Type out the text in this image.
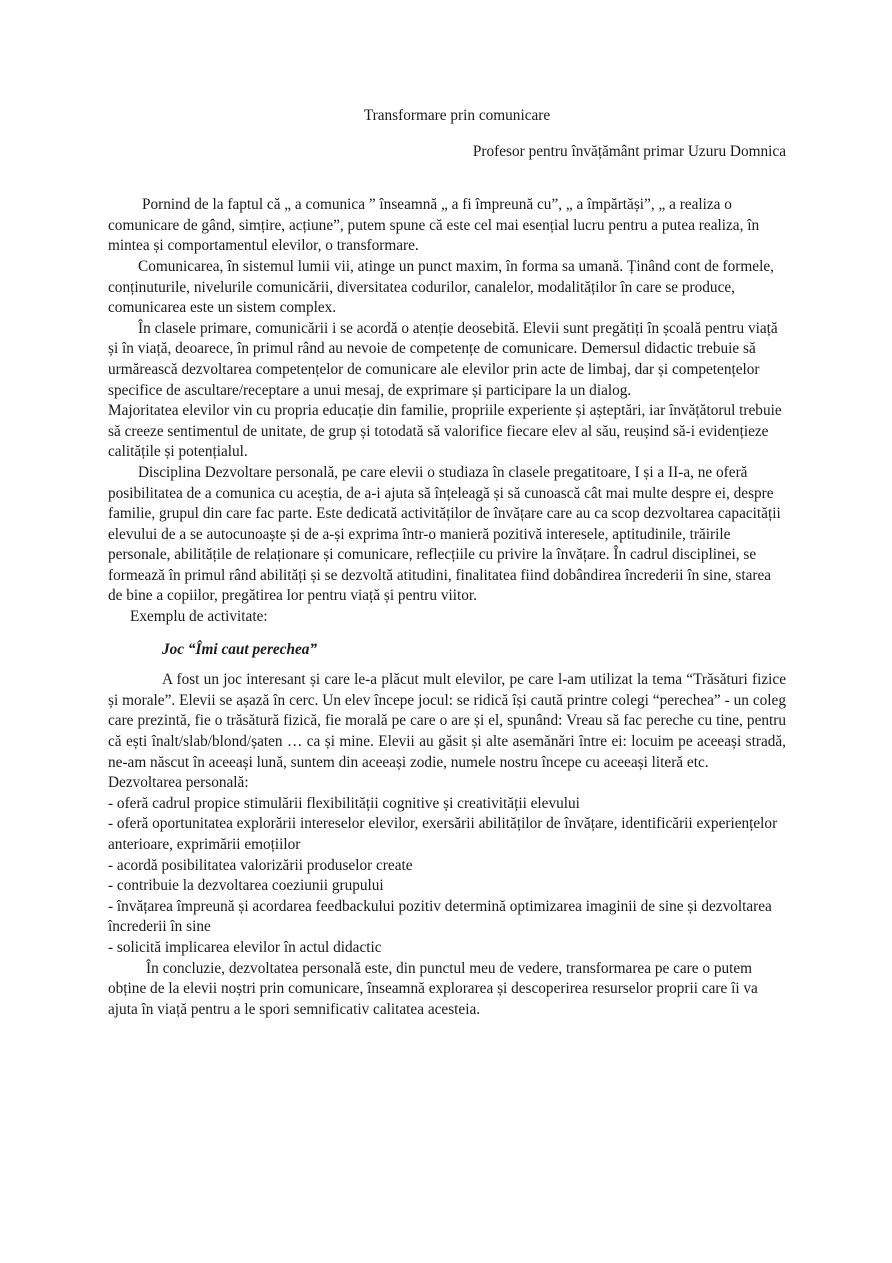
Transformare prin comunicare

Profesor pentru învățământ primar Uzuru Domnica

Pornind de la faptul că „ a comunica ” înseamnă „ a fi împreună cu”, „ a împărtăși”, „ a realiza o comunicare de gând, simțire, acțiune”, putem spune că este cel mai esențial lucru pentru a putea realiza, în mintea și comportamentul elevilor, o transformare.

Comunicarea, în sistemul lumii vii, atinge un punct maxim, în forma sa umană. Ținând cont de formele, conținuturile, nivelurile comunicării, diversitatea codurilor, canalelor, modalităților în care se produce, comunicarea este un sistem complex.

În clasele primare, comunicării i se acordă o atenție deosebită. Elevii sunt pregătiți în școală pentru viață și în viață, deoarece, în primul rând au nevoie de competențe de comunicare. Demersul didactic trebuie să urmărească dezvoltarea competențelor de comunicare ale elevilor prin acte de limbaj, dar și competențelor specifice de ascultare/receptare a unui mesaj, de exprimare și participare la un dialog.

Majoritatea elevilor vin cu propria educație din familie, propriile experiente și așteptări, iar învățătorul trebuie să creeze sentimentul de unitate, de grup și totodată să valorifice fiecare elev al său, reușind să-i evidențieze calitățile și potențialul.

Disciplina Dezvoltare personală, pe care elevii o studiaza în clasele pregatitoare, I și a II-a, ne oferă posibilitatea de a comunica cu aceștia, de a-i ajuta să înțeleagă și să cunoască cât mai multe despre ei, despre familie, grupul din care fac parte. Este dedicată activităților de învățare care au ca scop dezvoltarea capacității elevului de a se autocunoaște și de a-și exprima într-o manieră pozitivă interesele, aptitudinile, trăirile personale, abilitățile de relaționare și comunicare, reflecțiile cu privire la învățare. În cadrul disciplinei, se formează în primul rând abilități și se dezvoltă atitudini, finalitatea fiind dobândirea încrederii în sine, starea de bine a copiilor, pregătirea lor pentru viață și pentru viitor.

Exemplu de activitate:

Joc “Îmi caut perechea”

A fost un joc interesant și care le-a plăcut mult elevilor, pe care l-am utilizat la tema “Trăsături fizice și morale”. Elevii se așază în cerc. Un elev începe jocul: se ridică își caută printre colegi “perechea” - un coleg care prezintă, fie o trăsătură fizică, fie morală pe care o are și el, spunând: Vreau să fac pereche cu tine, pentru că ești înalt/slab/blond/șaten … ca și mine. Elevii au găsit și alte asemănări între ei: locuim pe aceeași stradă, ne-am născut în aceeași lună, suntem din aceeași zodie, numele nostru începe cu aceeași literă etc.

Dezvoltarea personală:

- oferă cadrul propice stimulării flexibilității cognitive și creativității elevului

- oferă oportunitatea explorării intereselor elevilor, exersării abilităților de învățare, identificării experiențelor anterioare, exprimării emoțiilor

- acordă posibilitatea valorizării produselor create

- contribuie la dezvoltarea coeziunii grupului

- învățarea împreună și acordarea feedbackului pozitiv determină optimizarea imaginii de sine și dezvoltarea încrederii în sine

- solicită implicarea elevilor în actul didactic

În concluzie, dezvoltatea personală este, din punctul meu de vedere, transformarea pe care o putem obține de la elevii noștri prin comunicare, înseamnă explorarea și descoperirea resurselor proprii care îi va ajuta în viață pentru a le spori semnificativ calitatea acesteia.
